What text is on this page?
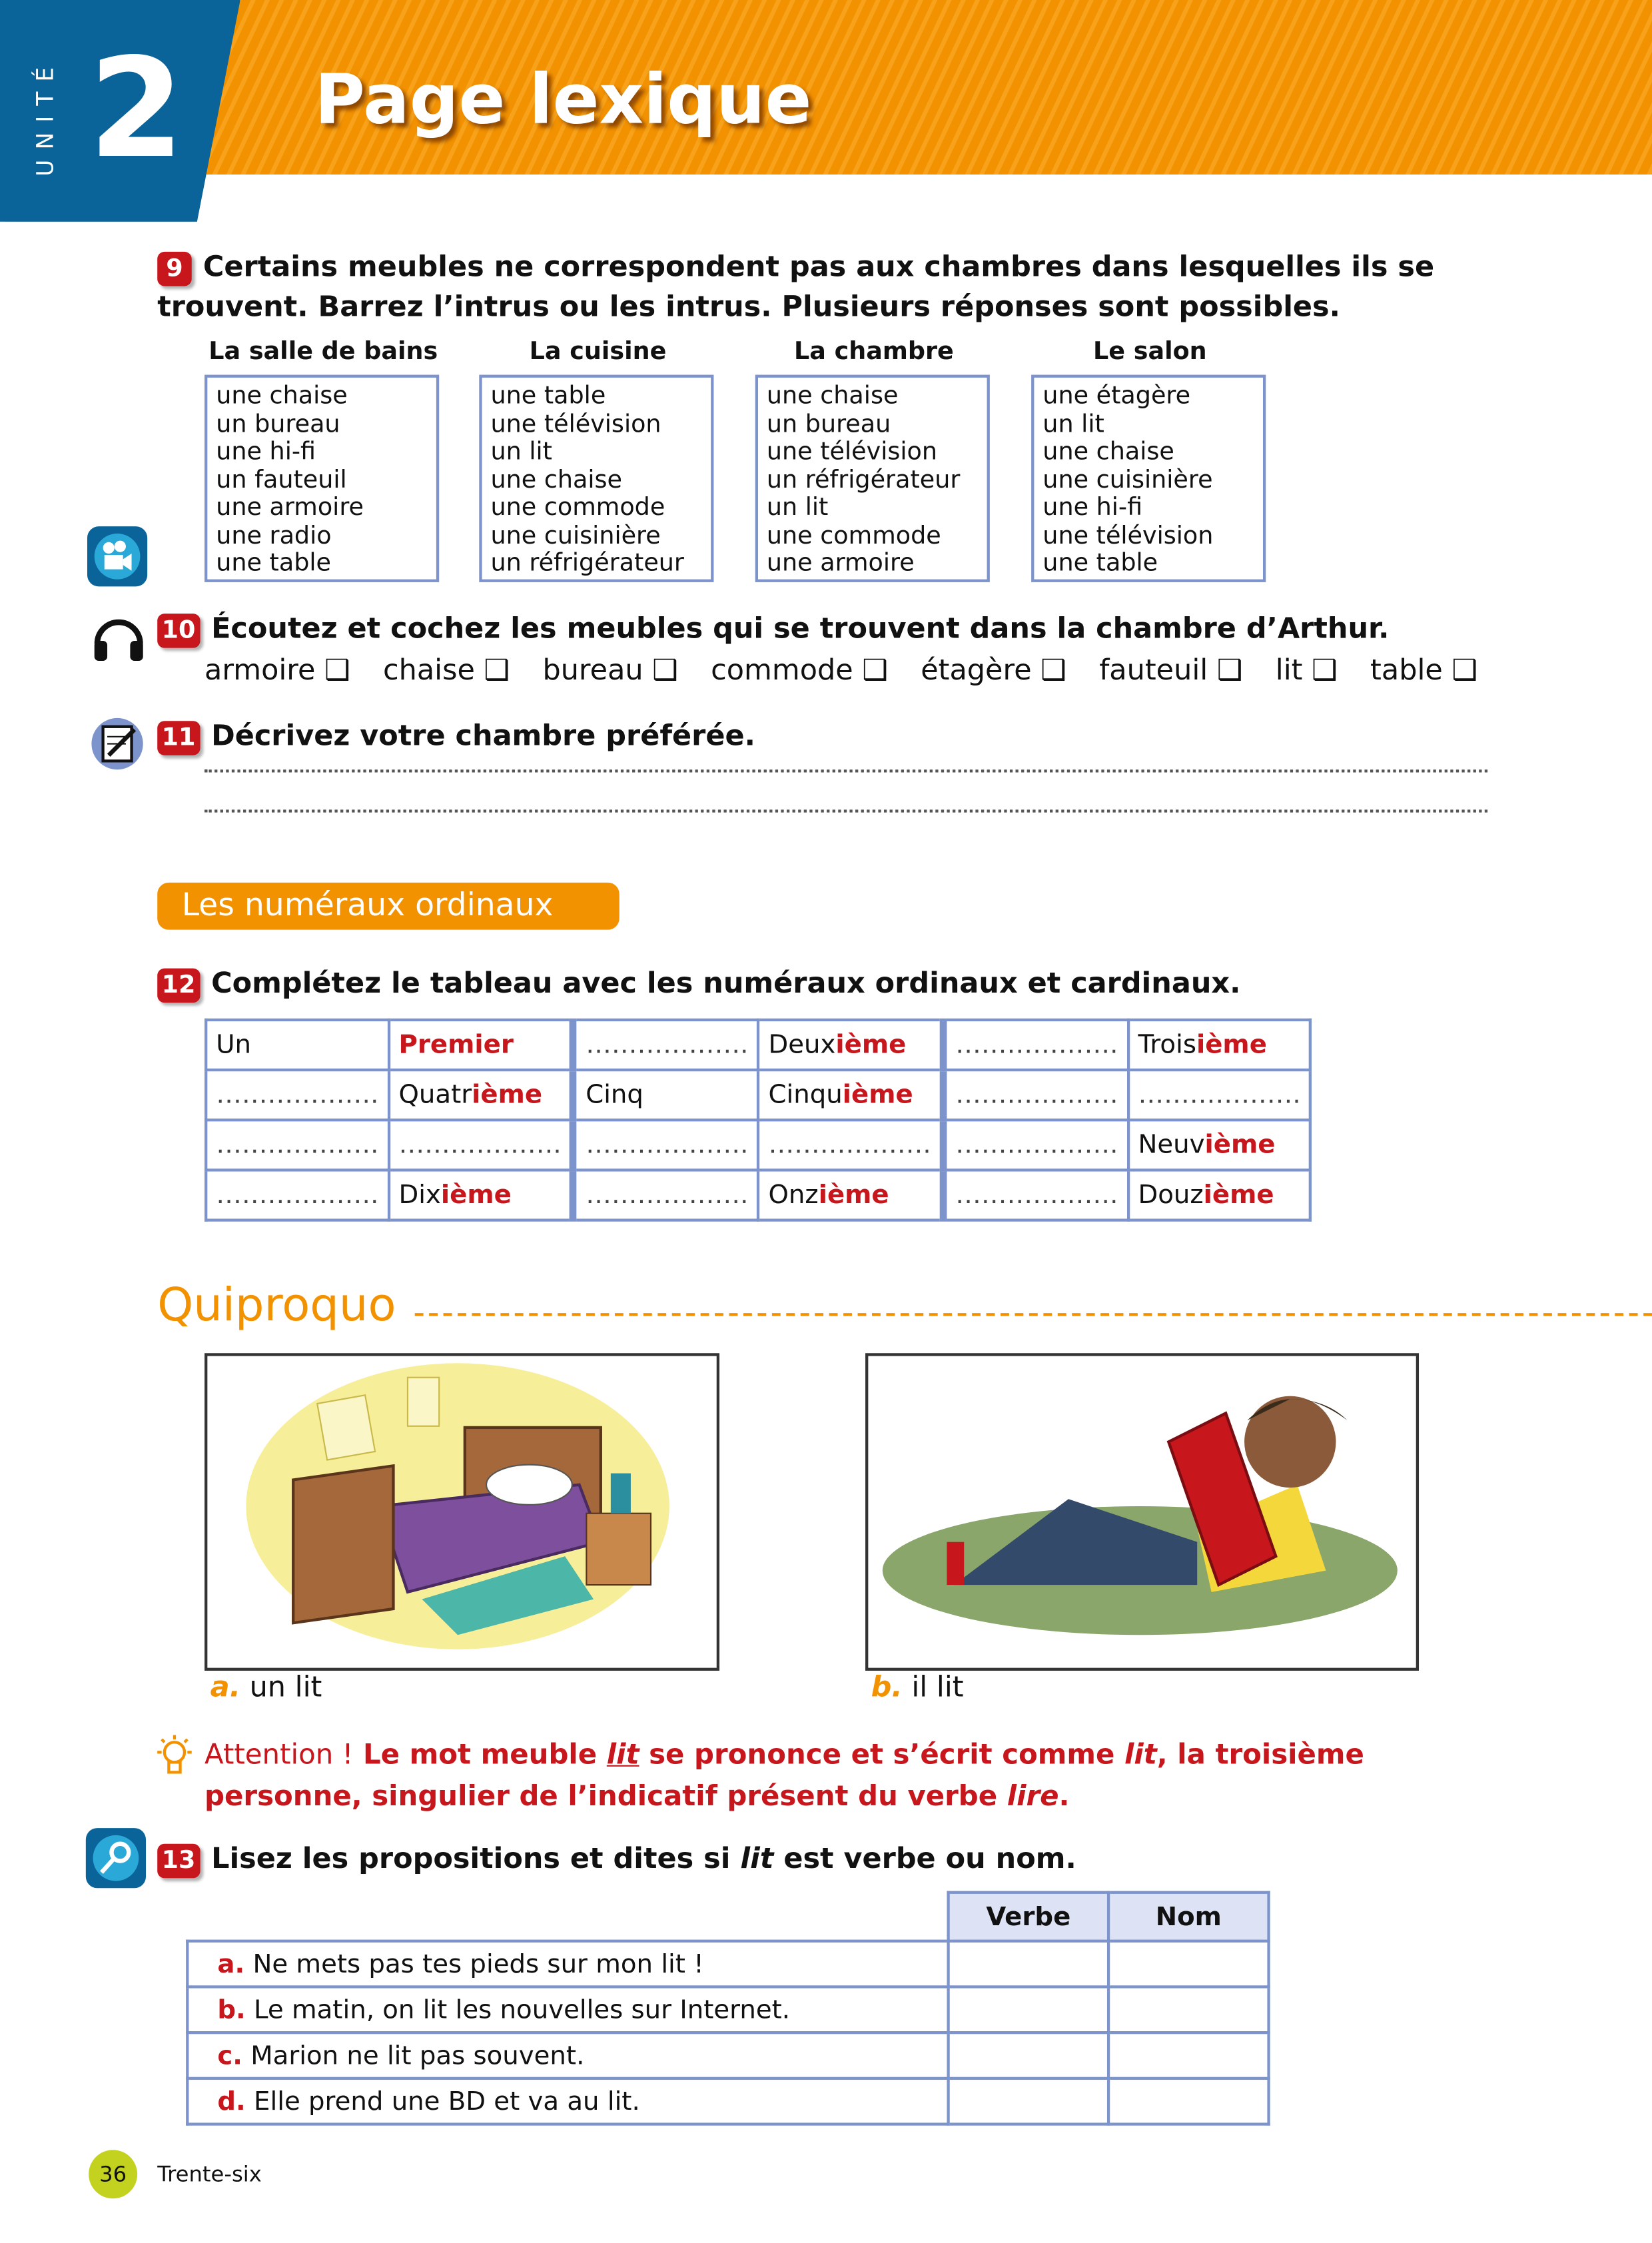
UNITÉ 2	Page lexique
9 Certains meubles ne correspondent pas aux chambres dans lesquelles ils se trouvent. Barrez l’intrus ou les intrus. Plusieurs réponses sont possibles.
10 Écoutez et cochez les meubles qui se trouvent dans la chambre d’Arthur.
armoire ❑ chaise ❑ bureau ❑ commode ❑ étagère ❑ fauteuil ❑ lit ❑ table ❑
11 Décrivez votre chambre préférée.
Les numéraux ordinaux
12 Complétez le tableau avec les numéraux ordinaux et cardinaux.
Un	Premier	……………….	Deuxième	……………….	Troisième
……………….	Quatrième	Cinq	Cinquième	……………….	……………….
……………….	……………….	……………….	……………….	……………….	Neuvième
……………….	Dixième	……………….	Onzième	……………….	Douzième
Quiproquo
a. un lit	b. il lit
Attention ! Le mot meuble lit se prononce et s’écrit comme lit, la troisième personne, singulier de l’indicatif présent du verbe lire.
13 Lisez les propositions et dites si lit est verbe ou nom.
	Verbe	Nom
a. Ne mets pas tes pieds sur mon lit !		
b. Le matin, on lit les nouvelles sur Internet.		
c. Marion ne lit pas souvent.		
d. Elle prend une BD et va au lit.		
36	Trente-six
La salle de bains
une chaise
un bureau
une hi-fi
un fauteuil
une armoire
une radio
une table
La cuisine
une table
une télévision
un lit
une chaise
une commode
une cuisinière
un réfrigérateur
La chambre
une chaise
un bureau
une télévision
un réfrigérateur
un lit
une commode
une armoire
Le salon
une étagère
un lit
une chaise
une cuisinière
une hi-fi
une télévision
une table
